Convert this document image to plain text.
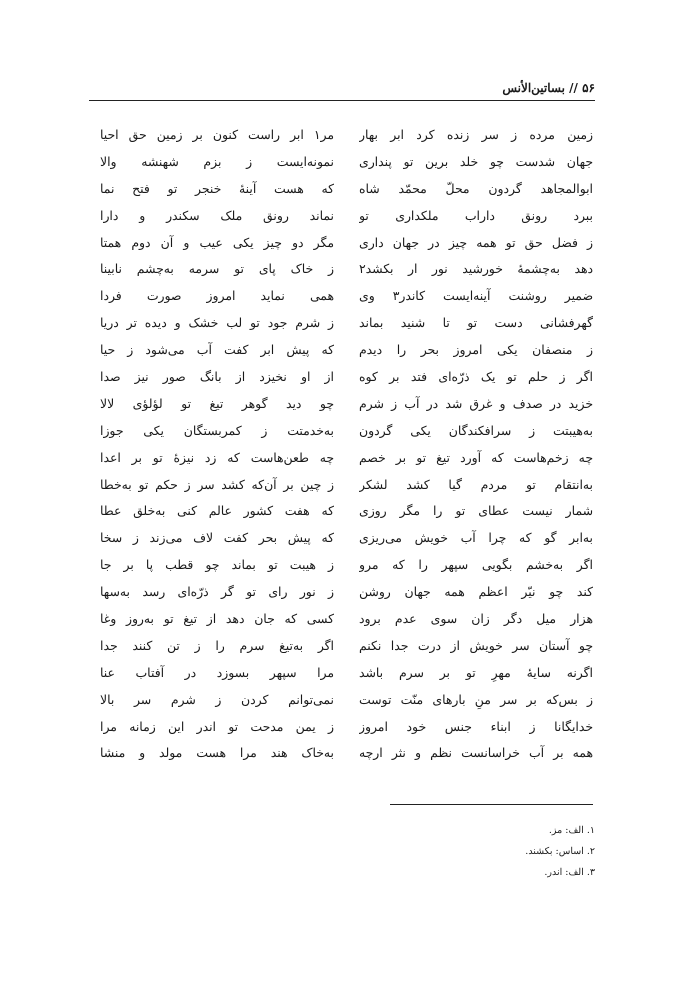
۵۶ // بساتین‌الأنس
زمین مرده ز سر زنده کرد ابر بهار
جهان شدست چو خلد برین تو پنداری
ابوالمجاهد گردون محلّ محمّد شاه
ببرد رونق داراب ملکداری تو
ز فضل حق تو همه چیز در جهان داری
دهد به‌چشمهٔ خورشید نور ار بکشد۲
ضمیر روشنت آینه‌ایست کاندر۳ وی
گهرفشانی دست تو تا شنید بماند
ز منصفان یکی امروز بحر را دیدم
اگر ز حلم تو یک ذرّه‌ای فتد بر کوه
خزید در صدف و غرق شد در آب ز شرم
به‌هیبتت ز سرافکندگان یکی گردون
چه زخم‌هاست که آورد تیغ تو بر خصم
به‌انتقام تو مردم گیا کشد لشکر
شمار نیست عطای تو را مگر روزی
به‌ابر گو که چرا آب خویش می‌ریزی
اگر به‌خشم بگویی سپهر را که مرو
کند چو نیّر اعظم همه جهان روشن
هزار میل دگر زان سوی عدم برود
چو آستان سر خویش از درت جدا نکنم
اگرنه سایهٔ مهرِ تو بر سرم باشد
ز بس‌که بر سر منِ بارهای منّت توست
خدایگانا ز ابناء جنس خود امروز
همه بر آب خراسانست نظم و نثر ارچه
مر۱ ابر راست کنون بر زمین حق احیا
نمونه‌ایست ز بزم شهنشه والا
که هست آینهٔ خنجر تو فتح نما
نماند رونق ملک سکندر و دارا
مگر دو چیز یکی عیب و آن دوم همتا
ز خاک پای تو سرمه به‌چشم نابینا
همی نماید امروز صورت فردا
ز شرم جود تو لب خشک و دیده تر دریا
که پیش ابر کفت آب می‌شود ز حیا
از او نخیزد از بانگ صور نیز صدا
چو دید گوهر تیغ تو لؤلؤی لالا
به‌خدمتت ز کمربستگان یکی جوزا
چه طعن‌هاست که زد نیزهٔ تو بر اعدا
ز چین بر آن‌که کشد سر ز حکم تو به‌خطا
که هفت کشور عالم کنی به‌خلق عطا
که پیش بحر کفت لاف می‌زند ز سخا
ز هیبت تو بماند چو قطب پا بر جا
ز نور رای تو گر ذرّه‌ای رسد به‌سها
کسی که جان دهد از تیغ تو به‌روز وغا
اگر به‌تیغ سرم را ز تن کنند جدا
مرا سپهر بسوزد در آفتاب عنا
نمی‌توانم کردن ز شرم سر بالا
ز یمن مدحت تو اندر این زمانه مرا
به‌خاک هند مرا هست مولد و منشا
۱. الف: مز.
۲. اساس: بکشند.
۳. الف: اندر.
